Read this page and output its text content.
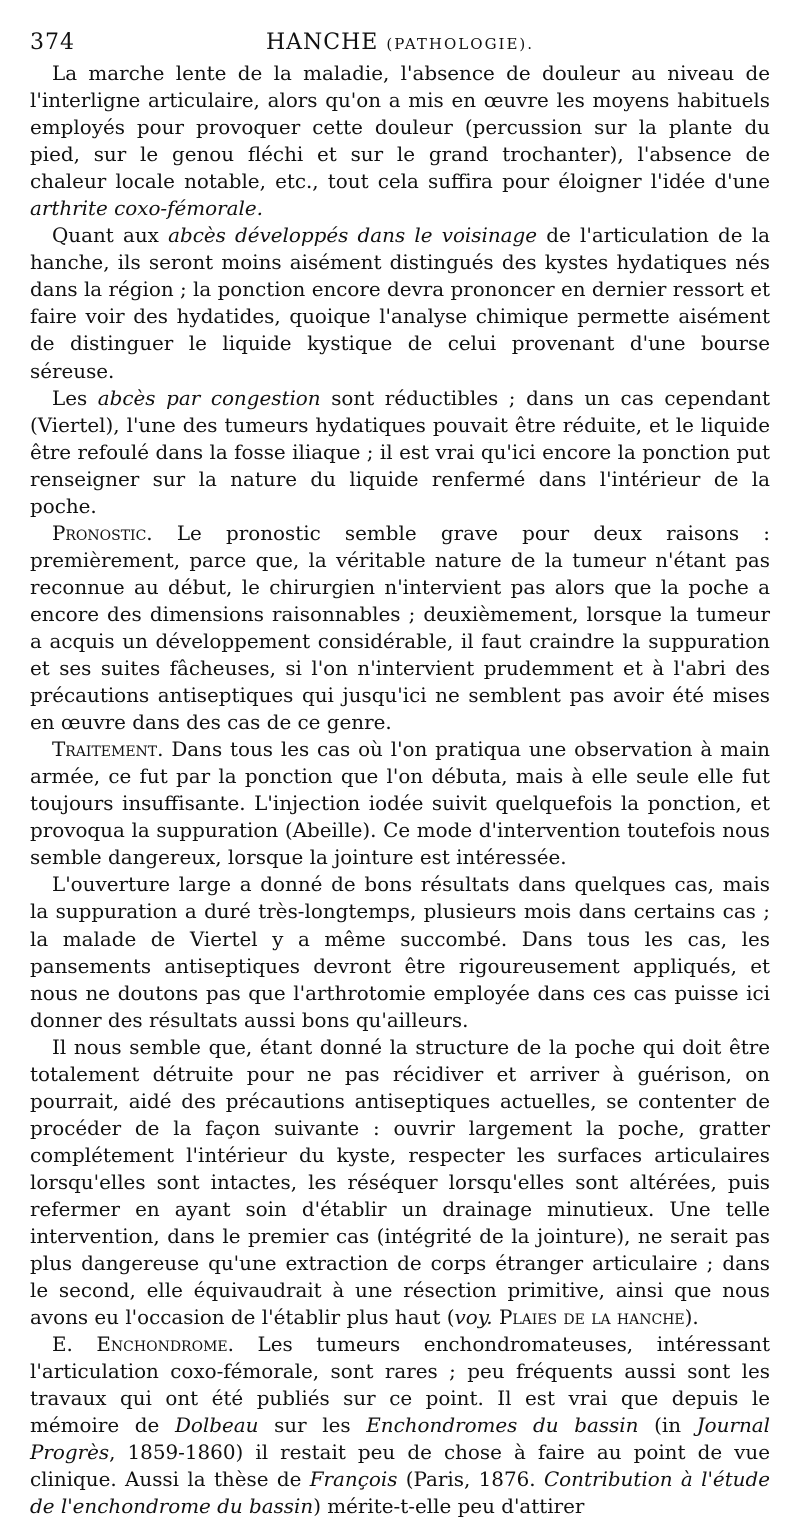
374	HANCHE (PATHOLOGIE).

La marche lente de la maladie, l'absence de douleur au niveau de l'interligne articulaire, alors qu'on a mis en œuvre les moyens habituels employés pour provoquer cette douleur (percussion sur la plante du pied, sur le genou fléchi et sur le grand trochanter), l'absence de chaleur locale notable, etc., tout cela suffira pour éloigner l'idée d'une arthrite coxo-fémorale.

Quant aux abcès développés dans le voisinage de l'articulation de la hanche, ils seront moins aisément distingués des kystes hydatiques nés dans la région ; la ponction encore devra prononcer en dernier ressort et faire voir des hydatides, quoique l'analyse chimique permette aisément de distinguer le liquide kystique de celui provenant d'une bourse séreuse.

Les abcès par congestion sont réductibles ; dans un cas cependant (Viertel), l'une des tumeurs hydatiques pouvait être réduite, et le liquide être refoulé dans la fosse iliaque ; il est vrai qu'ici encore la ponction put renseigner sur la nature du liquide renfermé dans l'intérieur de la poche.

Pronostic. Le pronostic semble grave pour deux raisons : premièrement, parce que, la véritable nature de la tumeur n'étant pas reconnue au début, le chirurgien n'intervient pas alors que la poche a encore des dimensions raisonnables ; deuxièmement, lorsque la tumeur a acquis un développement considérable, il faut craindre la suppuration et ses suites fâcheuses, si l'on n'intervient prudemment et à l'abri des précautions antiseptiques qui jusqu'ici ne semblent pas avoir été mises en œuvre dans des cas de ce genre.

Traitement. Dans tous les cas où l'on pratiqua une observation à main armée, ce fut par la ponction que l'on débuta, mais à elle seule elle fut toujours insuffisante. L'injection iodée suivit quelquefois la ponction, et provoqua la suppuration (Abeille). Ce mode d'intervention toutefois nous semble dangereux, lorsque la jointure est intéressée.

L'ouverture large a donné de bons résultats dans quelques cas, mais la suppuration a duré très-longtemps, plusieurs mois dans certains cas ; la malade de Viertel y a même succombé. Dans tous les cas, les pansements antiseptiques devront être rigoureusement appliqués, et nous ne doutons pas que l'arthrotomie employée dans ces cas puisse ici donner des résultats aussi bons qu'ailleurs.

Il nous semble que, étant donné la structure de la poche qui doit être totalement détruite pour ne pas récidiver et arriver à guérison, on pourrait, aidé des précautions antiseptiques actuelles, se contenter de procéder de la façon suivante : ouvrir largement la poche, gratter complétement l'intérieur du kyste, respecter les surfaces articulaires lorsqu'elles sont intactes, les réséquer lorsqu'elles sont altérées, puis refermer en ayant soin d'établir un drainage minutieux. Une telle intervention, dans le premier cas (intégrité de la jointure), ne serait pas plus dangereuse qu'une extraction de corps étranger articulaire ; dans le second, elle équivaudrait à une résection primitive, ainsi que nous avons eu l'occasion de l'établir plus haut (voy. Plaies de la hanche).

E. Enchondrome. Les tumeurs enchondromateuses, intéressant l'articulation coxo-fémorale, sont rares ; peu fréquents aussi sont les travaux qui ont été publiés sur ce point. Il est vrai que depuis le mémoire de Dolbeau sur les Enchondromes du bassin (in Journal Progrès, 1859-1860) il restait peu de chose à faire au point de vue clinique. Aussi la thèse de François (Paris, 1876. Contribution à l'étude de l'enchondrome du bassin) mérite-t-elle peu d'attirer
